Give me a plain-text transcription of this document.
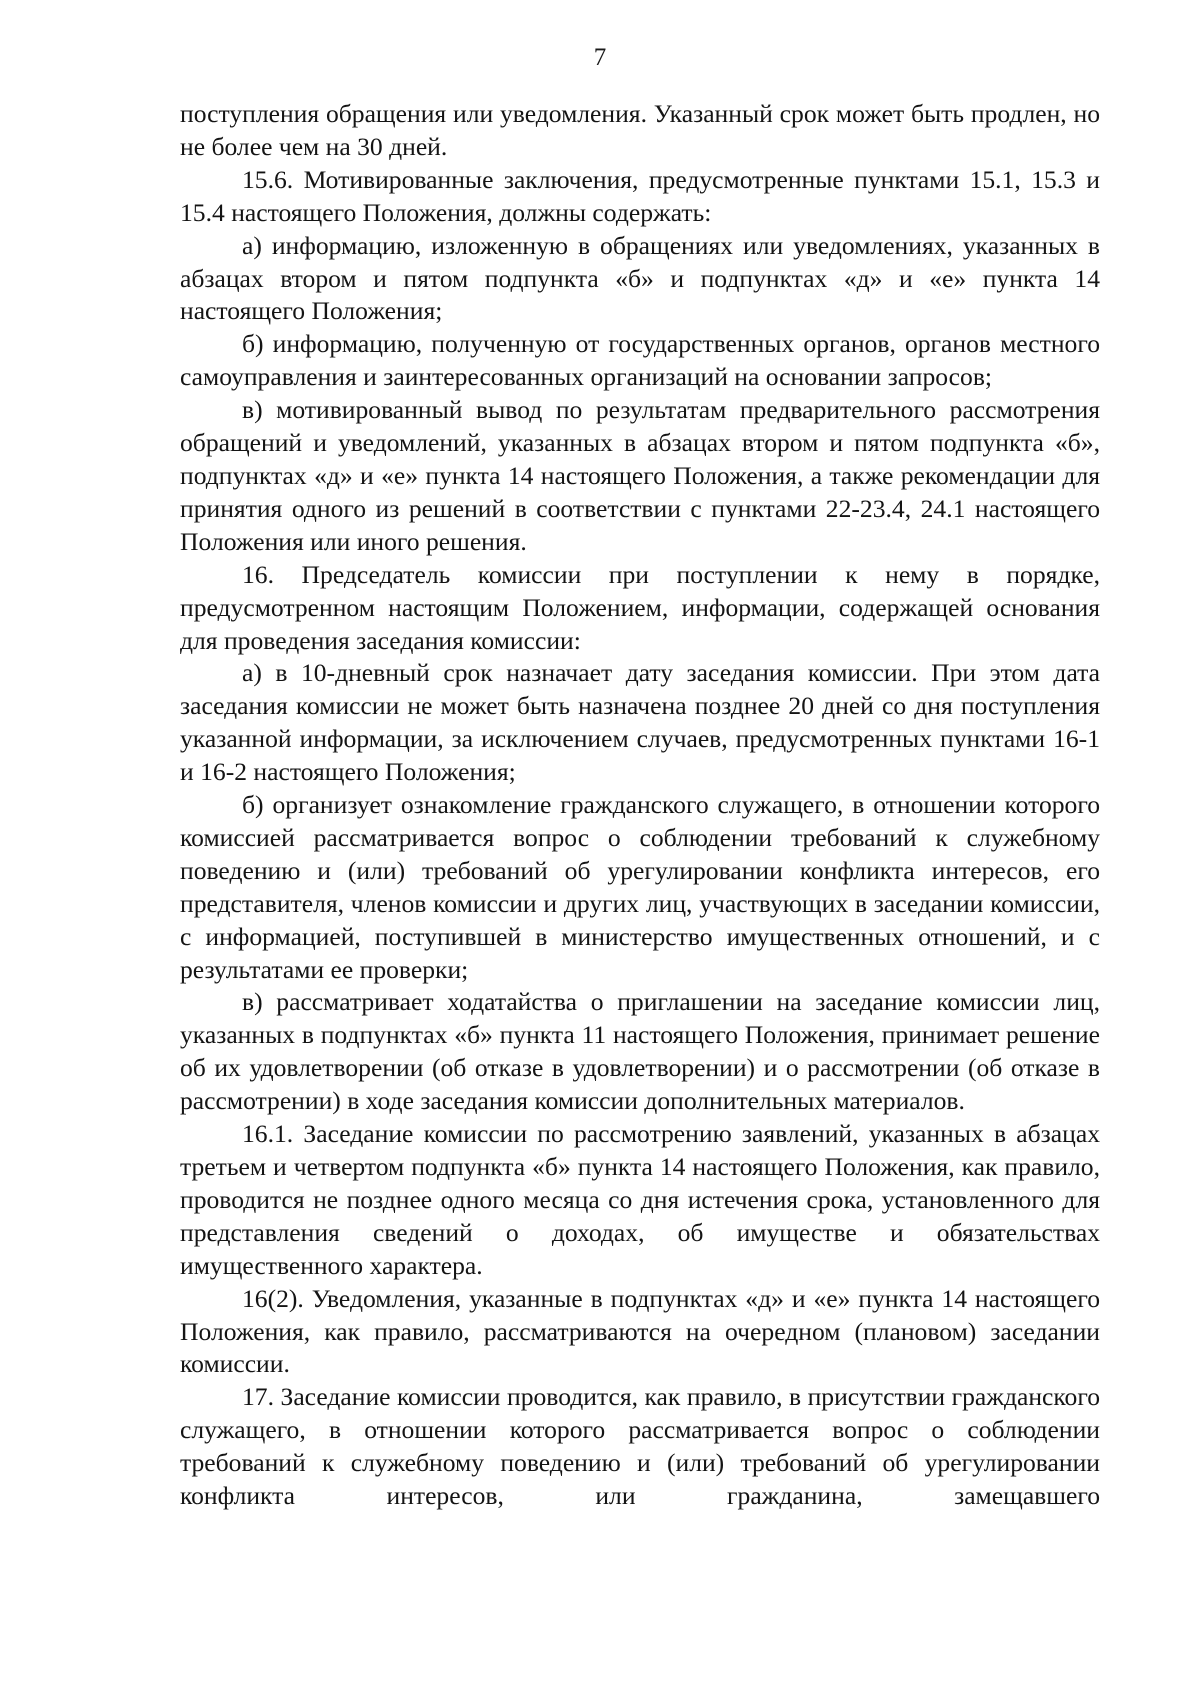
7

поступления обращения или уведомления. Указанный срок может быть продлен, но не более чем на 30 дней.

15.6. Мотивированные заключения, предусмотренные пунктами 15.1, 15.3 и 15.4 настоящего Положения, должны содержать:

а) информацию, изложенную в обращениях или уведомлениях, указанных в абзацах втором и пятом подпункта «б» и подпунктах «д» и «е» пункта 14 настоящего Положения;

б) информацию, полученную от государственных органов, органов местного самоуправления и заинтересованных организаций на основании запросов;

в) мотивированный вывод по результатам предварительного рассмотрения обращений и уведомлений, указанных в абзацах втором и пятом подпункта «б», подпунктах «д» и «е» пункта 14 настоящего Положения, а также рекомендации для принятия одного из решений в соответствии с пунктами 22-23.4, 24.1 настоящего Положения или иного решения.

16. Председатель комиссии при поступлении к нему в порядке, предусмотренном настоящим Положением, информации, содержащей основания для проведения заседания комиссии:

а) в 10-дневный срок назначает дату заседания комиссии. При этом дата заседания комиссии не может быть назначена позднее 20 дней со дня поступления указанной информации, за исключением случаев, предусмотренных пунктами 16-1 и 16-2 настоящего Положения;

б) организует ознакомление гражданского служащего, в отношении которого комиссией рассматривается вопрос о соблюдении требований к служебному поведению и (или) требований об урегулировании конфликта интересов, его представителя, членов комиссии и других лиц, участвующих в заседании комиссии, с информацией, поступившей в министерство имущественных отношений, и с результатами ее проверки;

в) рассматривает ходатайства о приглашении на заседание комиссии лиц, указанных в подпунктах «б» пункта 11 настоящего Положения, принимает решение об их удовлетворении (об отказе в удовлетворении) и о рассмотрении (об отказе в рассмотрении) в ходе заседания комиссии дополнительных материалов.

16.1. Заседание комиссии по рассмотрению заявлений, указанных в абзацах третьем и четвертом подпункта «б» пункта 14 настоящего Положения, как правило, проводится не позднее одного месяца со дня истечения срока, установленного для представления сведений о доходах, об имуществе и обязательствах имущественного характера.

16(2). Уведомления, указанные в подпунктах «д» и «е» пункта 14 настоящего Положения, как правило, рассматриваются на очередном (плановом) заседании комиссии.

17. Заседание комиссии проводится, как правило, в присутствии гражданского служащего, в отношении которого рассматривается вопрос о соблюдении требований к служебному поведению и (или) требований об урегулировании конфликта интересов, или гражданина, замещавшего
